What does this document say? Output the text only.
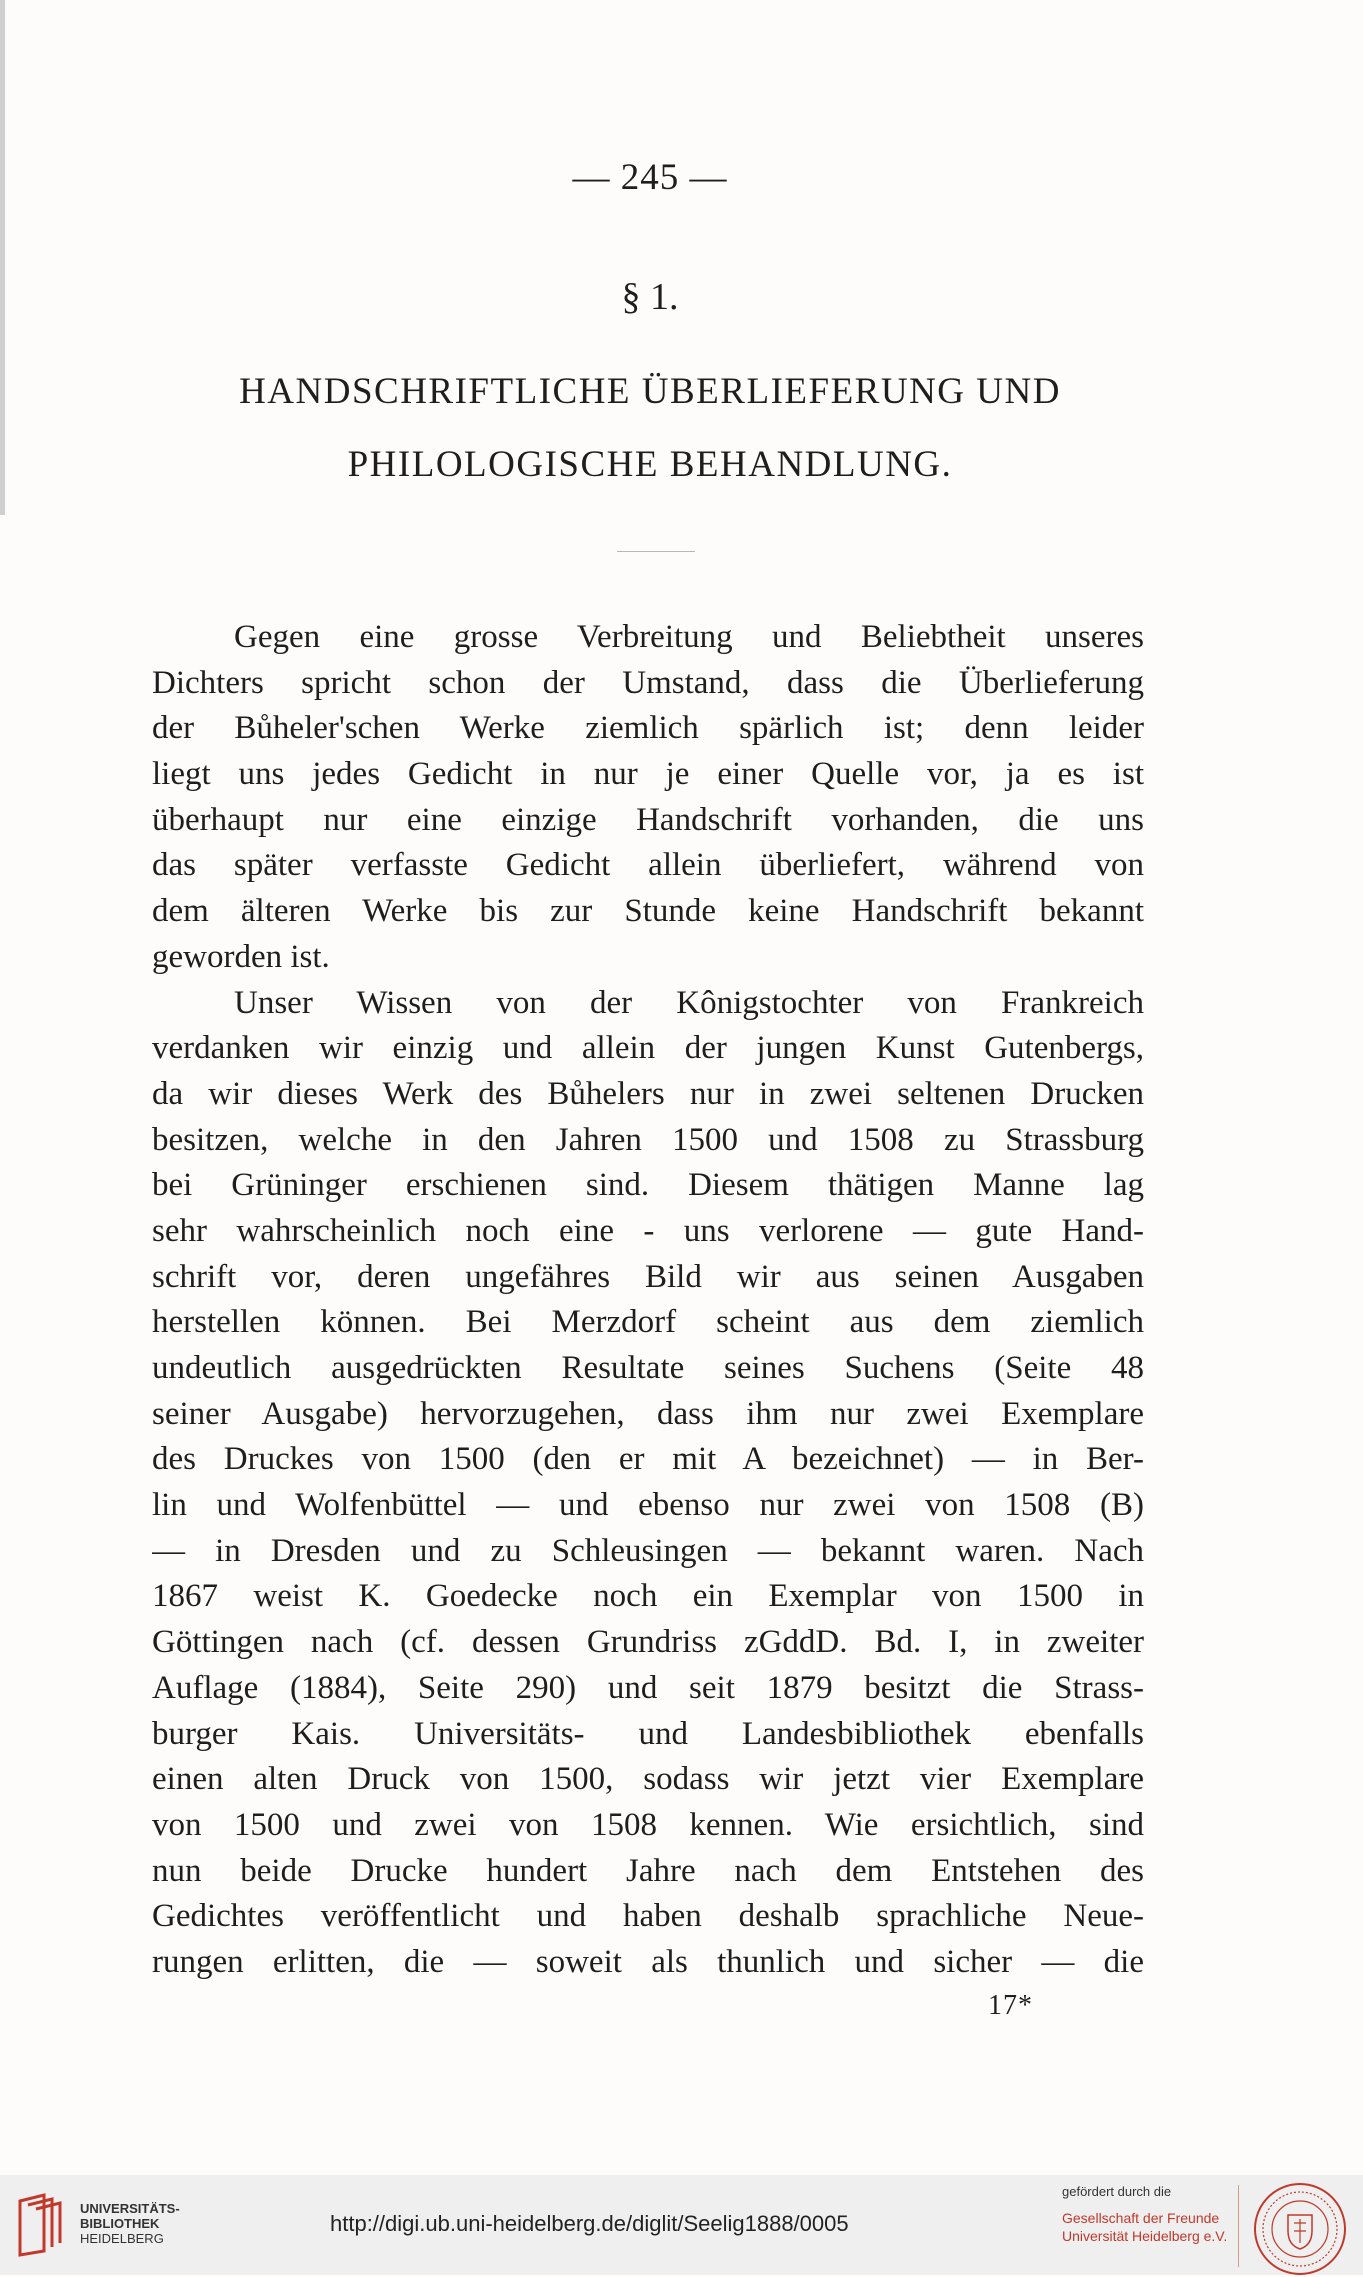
— 245 —
§ 1.
HANDSCHRIFTLICHE ÜBERLIEFERUNG UND
PHILOLOGISCHE BEHANDLUNG.
Gegen eine grosse Verbreitung und Beliebtheit unseres
Dichters spricht schon der Umstand, dass die Überlieferung
der Bůheler'schen Werke ziemlich spärlich ist; denn leider
liegt uns jedes Gedicht in nur je einer Quelle vor, ja es ist
überhaupt nur eine einzige Handschrift vorhanden, die uns
das später verfasste Gedicht allein überliefert, während von
dem älteren Werke bis zur Stunde keine Handschrift bekannt
geworden ist.
Unser Wissen von der Kônigstochter von Frankreich
verdanken wir einzig und allein der jungen Kunst Gutenbergs,
da wir dieses Werk des Bůhelers nur in zwei seltenen Drucken
besitzen, welche in den Jahren 1500 und 1508 zu Strassburg
bei Grüninger erschienen sind. Diesem thätigen Manne lag
sehr wahrscheinlich noch eine - uns verlorene — gute Hand-
schrift vor, deren ungefähres Bild wir aus seinen Ausgaben
herstellen können. Bei Merzdorf scheint aus dem ziemlich
undeutlich ausgedrückten Resultate seines Suchens (Seite 48
seiner Ausgabe) hervorzugehen, dass ihm nur zwei Exemplare
des Druckes von 1500 (den er mit A bezeichnet) — in Ber-
lin und Wolfenbüttel — und ebenso nur zwei von 1508 (B)
— in Dresden und zu Schleusingen — bekannt waren. Nach
1867 weist K. Goedecke noch ein Exemplar von 1500 in
Göttingen nach (cf. dessen Grundriss zGddD. Bd. I, in zweiter
Auflage (1884), Seite 290) und seit 1879 besitzt die Strass-
burger Kais. Universitäts- und Landesbibliothek ebenfalls
einen alten Druck von 1500, sodass wir jetzt vier Exemplare
von 1500 und zwei von 1508 kennen. Wie ersichtlich, sind
nun beide Drucke hundert Jahre nach dem Entstehen des
Gedichtes veröffentlicht und haben deshalb sprachliche Neue-
rungen erlitten, die — soweit als thunlich und sicher — die
17*
UNIVERSITÄTS-
BIBLIOTHEK
HEIDELBERG
http://digi.ub.uni-heidelberg.de/diglit/Seelig1888/0005
gefördert durch die
Gesellschaft der Freunde
Universität Heidelberg e.V.
